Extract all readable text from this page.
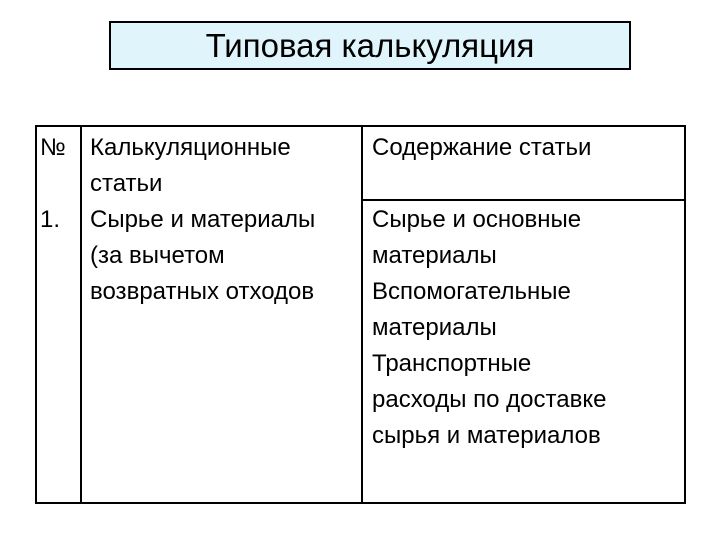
Типовая калькуляция
№ Калькуляционные
статьи
Содержание статьи
1. Сырье и материалы
(за вычетом
возвратных отходов
Сырье и основные
материалы
Вспомогательные
материалы
Транспортные
расходы по доставке
сырья и материалов
